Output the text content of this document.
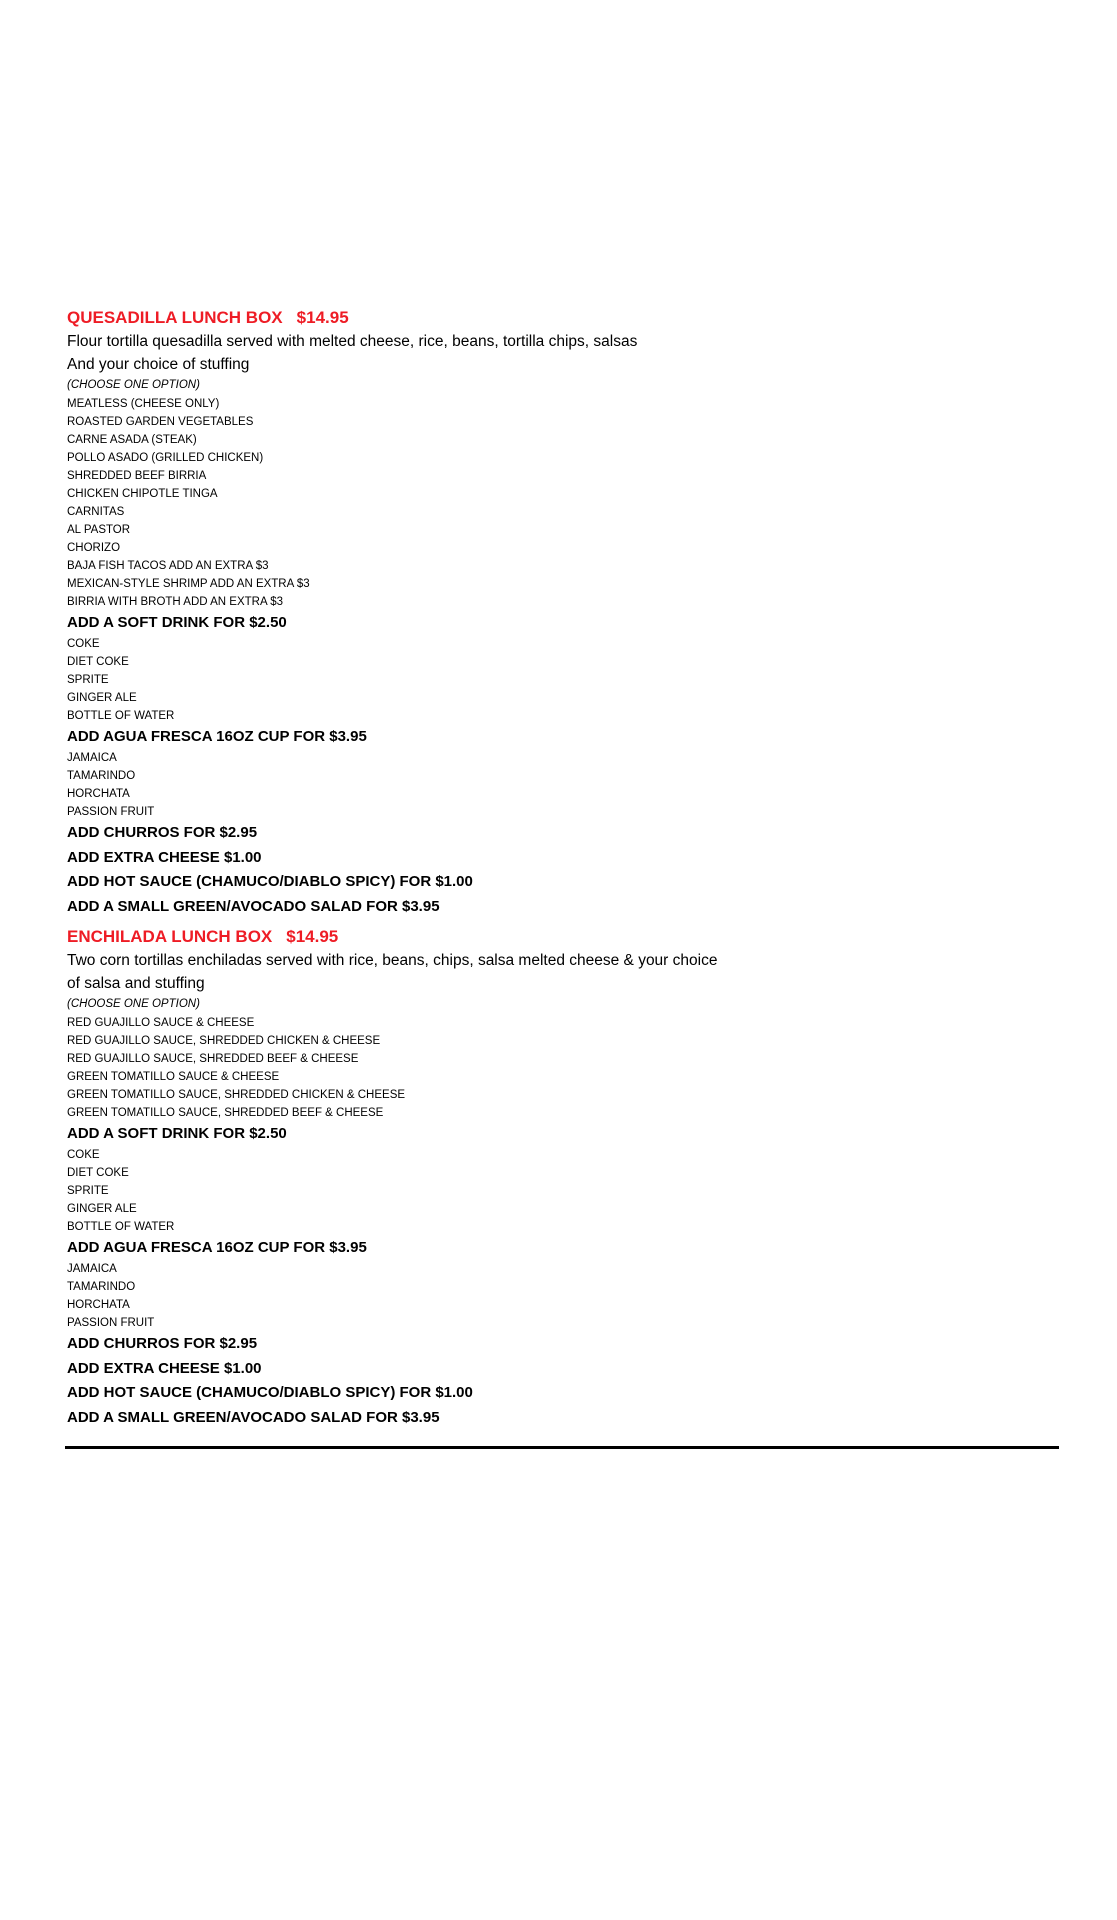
QUESADILLA LUNCH BOX $14.95
Flour tortilla quesadilla served with melted cheese, rice, beans, tortilla chips, salsas
And your choice of stuffing
(CHOOSE ONE OPTION)
MEATLESS (CHEESE ONLY)
ROASTED GARDEN VEGETABLES
CARNE ASADA (STEAK)
POLLO ASADO (GRILLED CHICKEN)
SHREDDED BEEF BIRRIA
CHICKEN CHIPOTLE TINGA
CARNITAS
AL PASTOR
CHORIZO
BAJA FISH TACOS ADD AN EXTRA $3
MEXICAN-STYLE SHRIMP ADD AN EXTRA $3
BIRRIA WITH BROTH ADD AN EXTRA $3
ADD A SOFT DRINK FOR $2.50
COKE
DIET COKE
SPRITE
GINGER ALE
BOTTLE OF WATER
ADD AGUA FRESCA 16OZ CUP FOR $3.95
JAMAICA
TAMARINDO
HORCHATA
PASSION FRUIT
ADD CHURROS FOR $2.95
ADD EXTRA CHEESE $1.00
ADD HOT SAUCE (CHAMUCO/DIABLO SPICY) FOR $1.00
ADD A SMALL GREEN/AVOCADO SALAD FOR $3.95
ENCHILADA LUNCH BOX $14.95
Two corn tortillas enchiladas served with rice, beans, chips, salsa melted cheese & your choice
of salsa and stuffing
(CHOOSE ONE OPTION)
RED GUAJILLO SAUCE & CHEESE
RED GUAJILLO SAUCE, SHREDDED CHICKEN & CHEESE
RED GUAJILLO SAUCE, SHREDDED BEEF & CHEESE
GREEN TOMATILLO SAUCE & CHEESE
GREEN TOMATILLO SAUCE, SHREDDED CHICKEN & CHEESE
GREEN TOMATILLO SAUCE, SHREDDED BEEF & CHEESE
ADD A SOFT DRINK FOR $2.50
COKE
DIET COKE
SPRITE
GINGER ALE
BOTTLE OF WATER
ADD AGUA FRESCA 16OZ CUP FOR $3.95
JAMAICA
TAMARINDO
HORCHATA
PASSION FRUIT
ADD CHURROS FOR $2.95
ADD EXTRA CHEESE $1.00
ADD HOT SAUCE (CHAMUCO/DIABLO SPICY) FOR $1.00
ADD A SMALL GREEN/AVOCADO SALAD FOR $3.95
